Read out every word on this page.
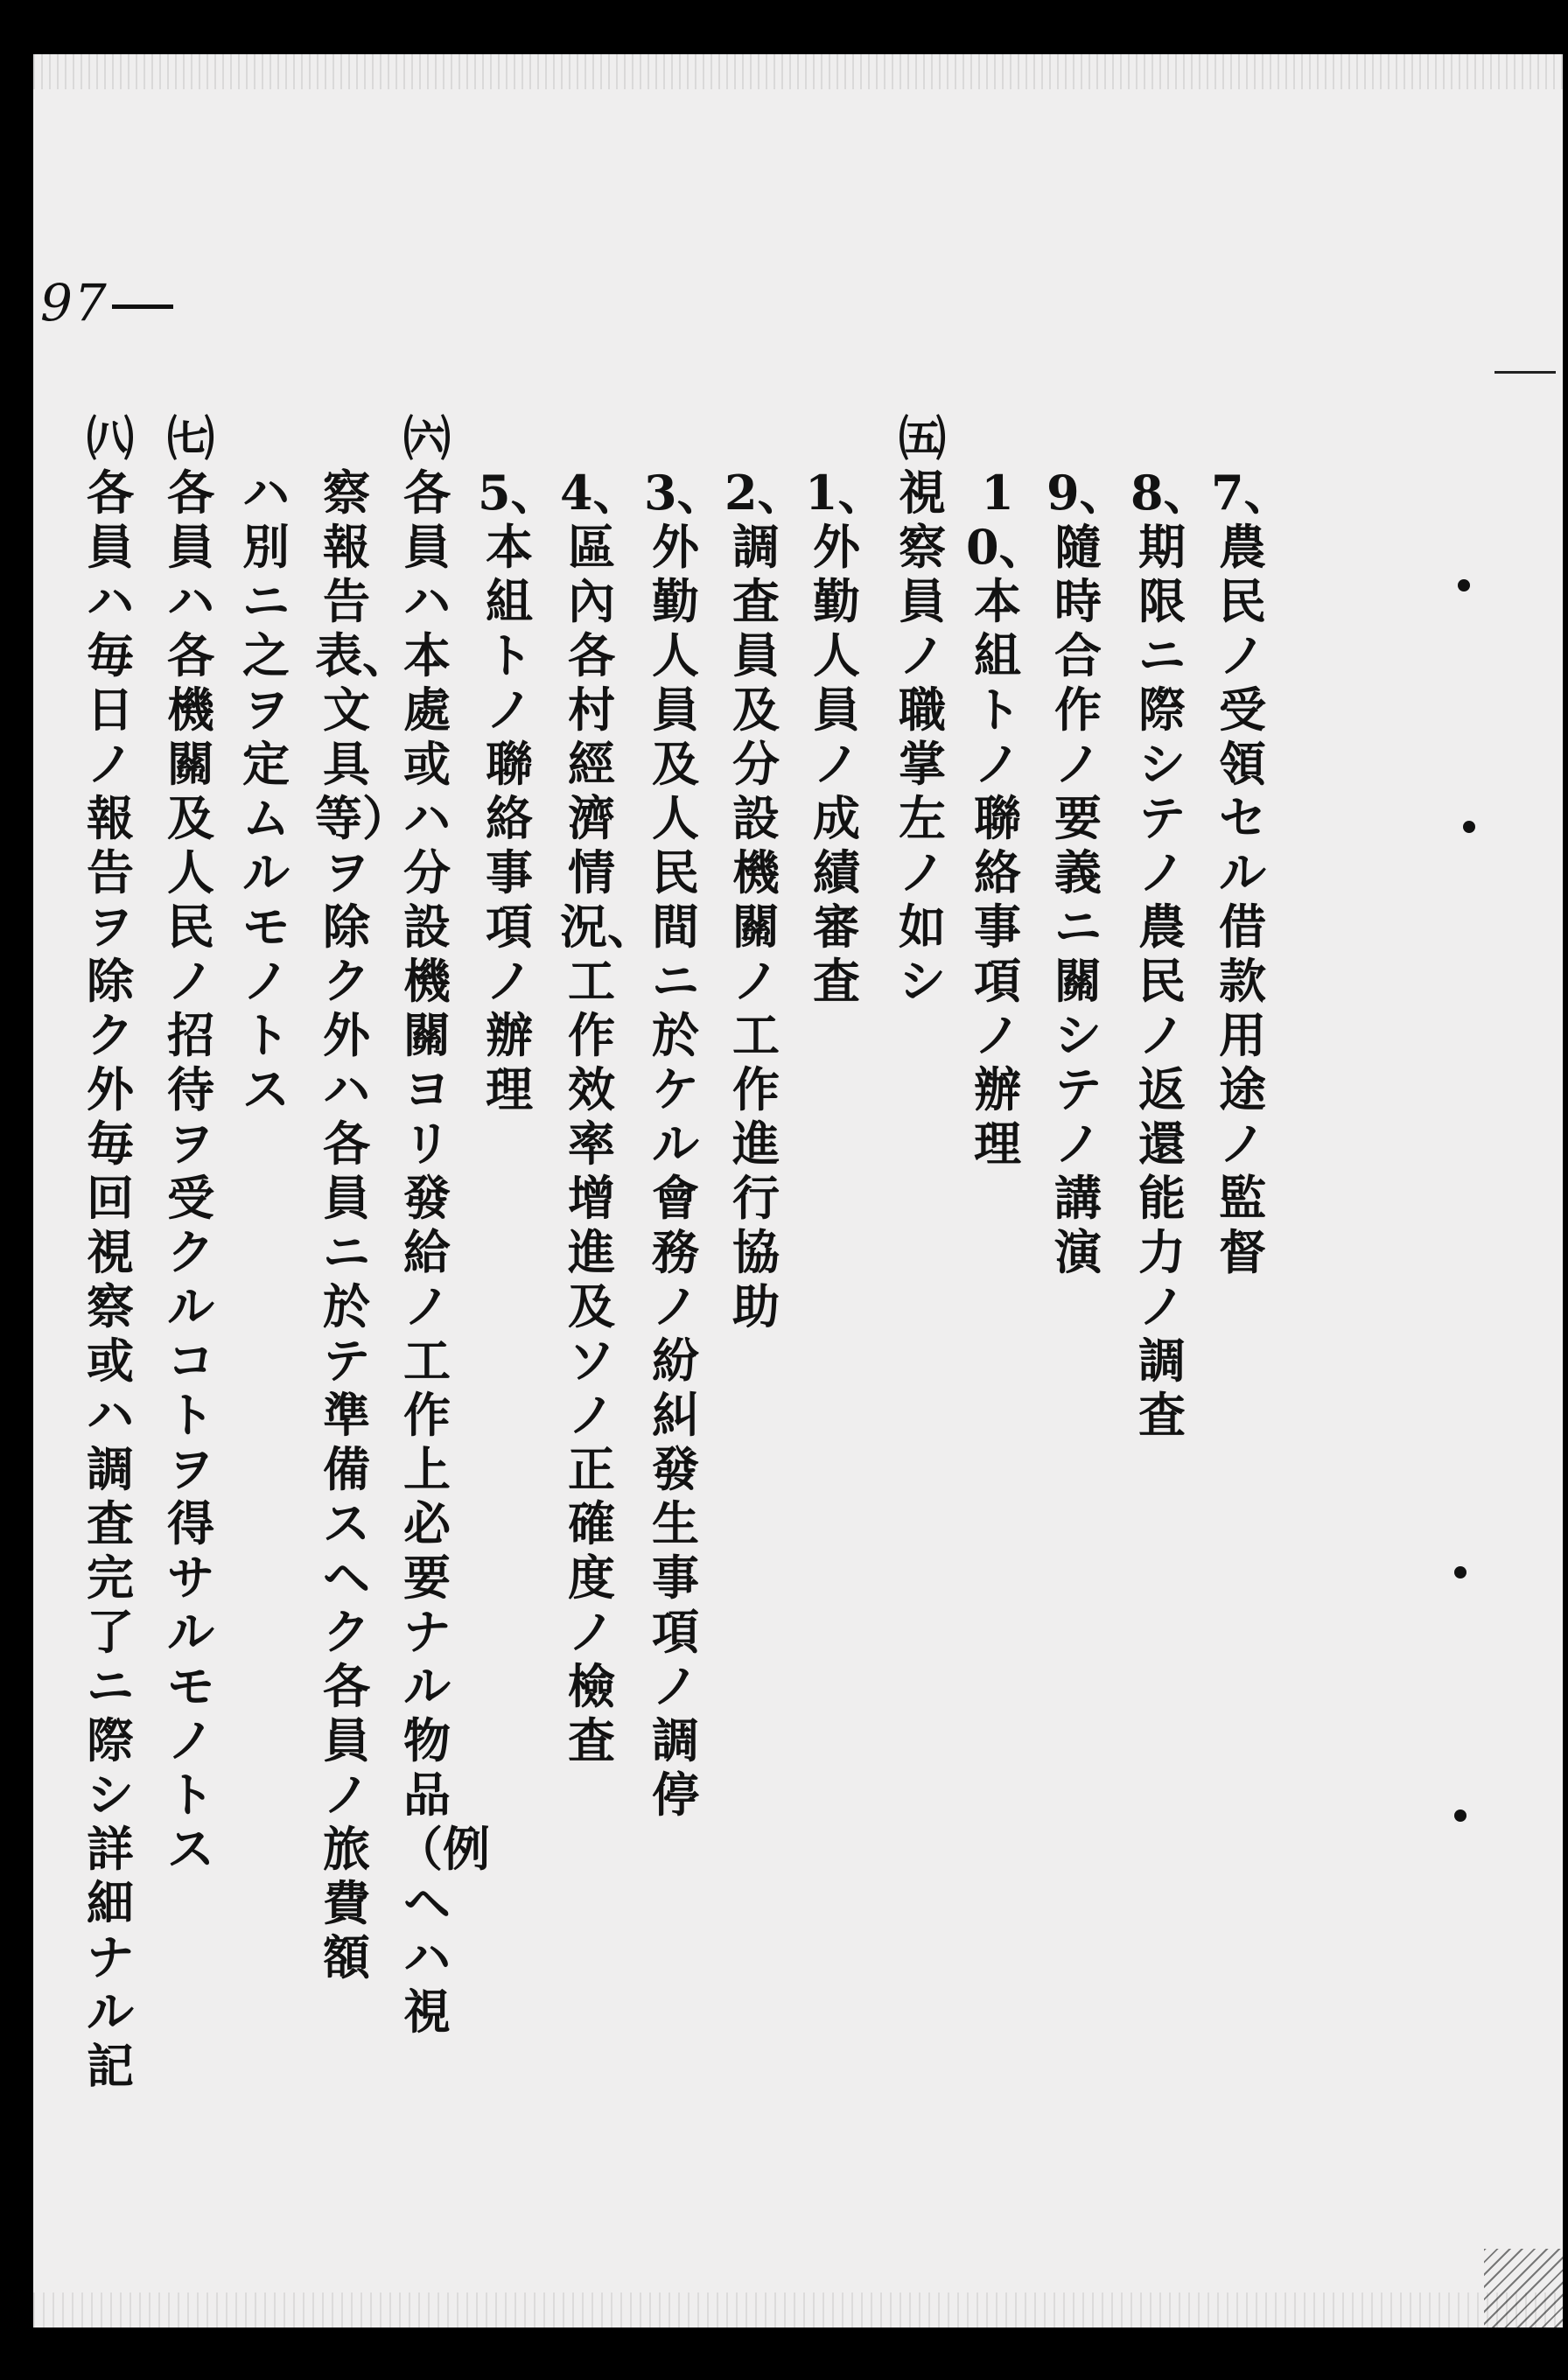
97

7、農民ノ受領セル借款用途ノ監督

8、期限ニ際シテノ農民ノ返還能力ノ調査

9、隨時合作ノ要義ニ關シテノ講演

10、本組トノ聯絡事項ノ辦理

㈤視察員ノ職掌左ノ如シ

1、外勤人員ノ成績審査

2、調査員及分設機關ノ工作進行協助

3、外勤人員及人民間ニ於ケル會務ノ紛糾發生事項ノ調停

4、區內各村經濟情況、工作效率增進及ソノ正確度ノ檢査

5、本組トノ聯絡事項ノ辦理

㈥各員ハ本處或ハ分設機關ヨリ發給ノ工作上必要ナル物品（例ヘハ視

察報告表、文具等）ヲ除ク外ハ各員ニ於テ準備スヘク各員ノ旅費額

ハ別ニ之ヲ定ムルモノトス

㈦各員ハ各機關及人民ノ招待ヲ受クルコトヲ得サルモノトス

㈧各員ハ毎日ノ報告ヲ除ク外毎回視察或ハ調査完了ニ際シ詳細ナル記
